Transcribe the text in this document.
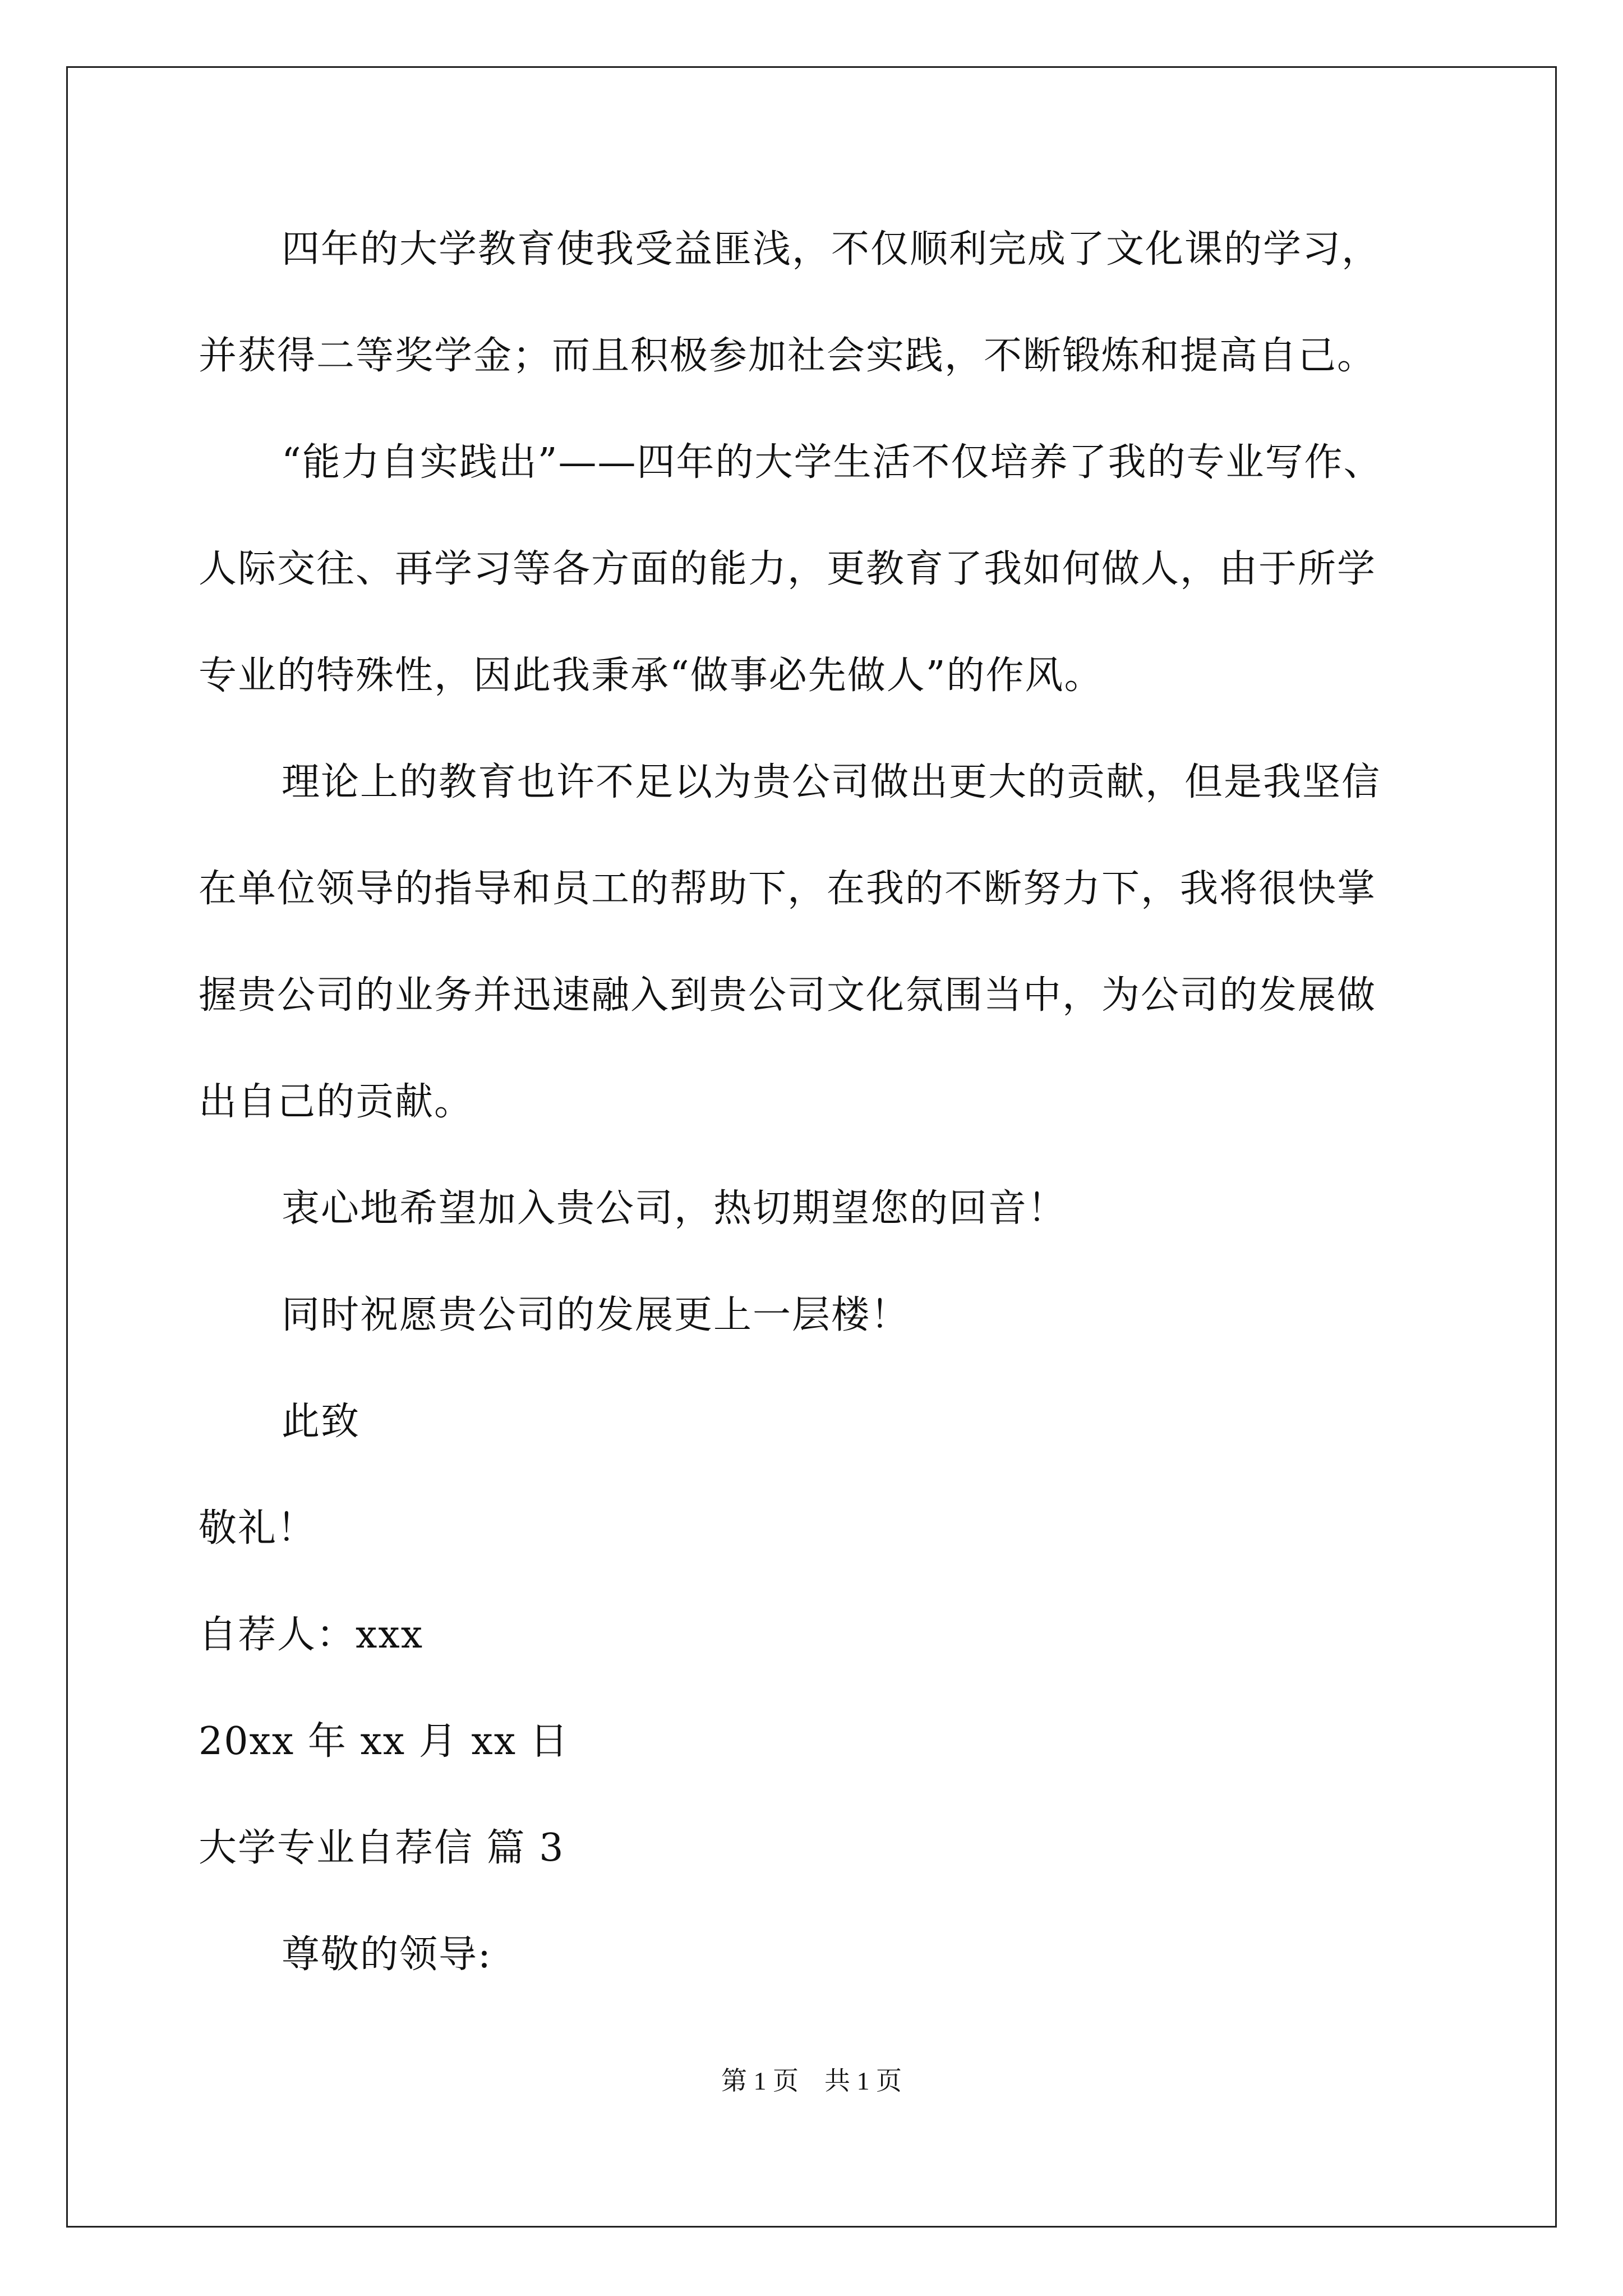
四年的大学教育使我受益匪浅，不仅顺利完成了文化课的学习，
并获得二等奖学金；而且积极参加社会实践，不断锻炼和提高自己。
“能力自实践出”——四年的大学生活不仅培养了我的专业写作、
人际交往、再学习等各方面的能力，更教育了我如何做人，由于所学
专业的特殊性，因此我秉承“做事必先做人”的作风。
理论上的教育也许不足以为贵公司做出更大的贡献，但是我坚信
在单位领导的指导和员工的帮助下，在我的不断努力下，我将很快掌
握贵公司的业务并迅速融入到贵公司文化氛围当中，为公司的发展做
出自己的贡献。
衷心地希望加入贵公司，热切期望您的回音！
同时祝愿贵公司的发展更上一层楼！
此致
敬礼！
自荐人：xxx
20xx 年 xx 月 xx 日
大学专业自荐信 篇 3
尊敬的领导:
第 1 页    共 1 页
